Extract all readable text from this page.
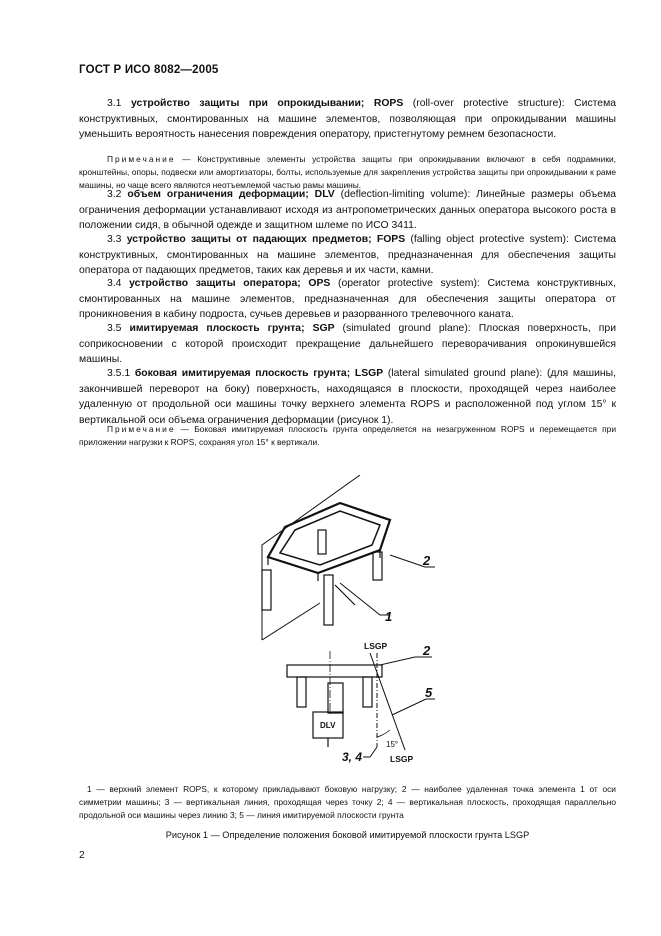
ГОСТ Р ИСО 8082—2005

3.1 устройство защиты при опрокидывании; ROPS (roll-over protective structure): Система конструктивных, смонтированных на машине элементов, позволяющая при опрокидывании машины уменьшить вероятность нанесения повреждения оператору, пристегнутому ремнем безопасности.

Примечание — Конструктивные элементы устройства защиты при опрокидывании включают в себя подрамники, кронштейны, опоры, подвески или амортизаторы, болты, используемые для закрепления устройства защиты при опрокидывании к раме машины, но чаще всего являются неотъемлемой частью рамы машины.

3.2 объем ограничения деформации; DLV (deflection-limiting volume): Линейные размеры объема ограничения деформации устанавливают исходя из антропометрических данных оператора высокого роста в положении сидя, в обычной одежде и защитном шлеме по ИСО 3411.

3.3 устройство защиты от падающих предметов; FOPS (falling object protective system): Система конструктивных, смонтированных на машине элементов, предназначенная для обеспечения защиты оператора от падающих предметов, таких как деревья и их части, камни.

3.4 устройство защиты оператора; OPS (operator protective system): Система конструктивных, смонтированных на машине элементов, предназначенная для обеспечения защиты оператора от проникновения в кабину подроста, сучьев деревьев и разорванного трелевочного каната.

3.5 имитируемая плоскость грунта; SGP (simulated ground plane): Плоская поверхность, при соприкосновении с которой происходит прекращение дальнейшего переворачивания опрокинувшейся машины.

3.5.1 боковая имитируемая плоскость грунта; LSGP (lateral simulated ground plane): (для машины, закончившей переворот на боку) поверхность, находящаяся в плоскости, проходящей через наиболее удаленную от продольной оси машины точку верхнего элемента ROPS и расположенной под углом 15° к вертикальной оси объема ограничения деформации (рисунок 1).

Примечание — Боковая имитируемая плоскость грунта определяется на незагруженном ROPS и перемещается при приложении нагрузки к ROPS, сохраняя угол 15° к вертикали.

2
1
LSGP
DLV
2
5
15°
3, 4	LSGP

1 — верхний элемент ROPS, к которому прикладывают боковую нагрузку; 2 — наиболее удаленная точка элемента 1 от оси симметрии машины; 3 — вертикальная линия, проходящая через точку 2; 4 — вертикальная плоскость, проходящая параллельно продольной оси машины через линию 3; 5 — линия имитируемой плоскости грунта

Рисунок 1 — Определение положения боковой имитируемой плоскости грунта LSGP
2
